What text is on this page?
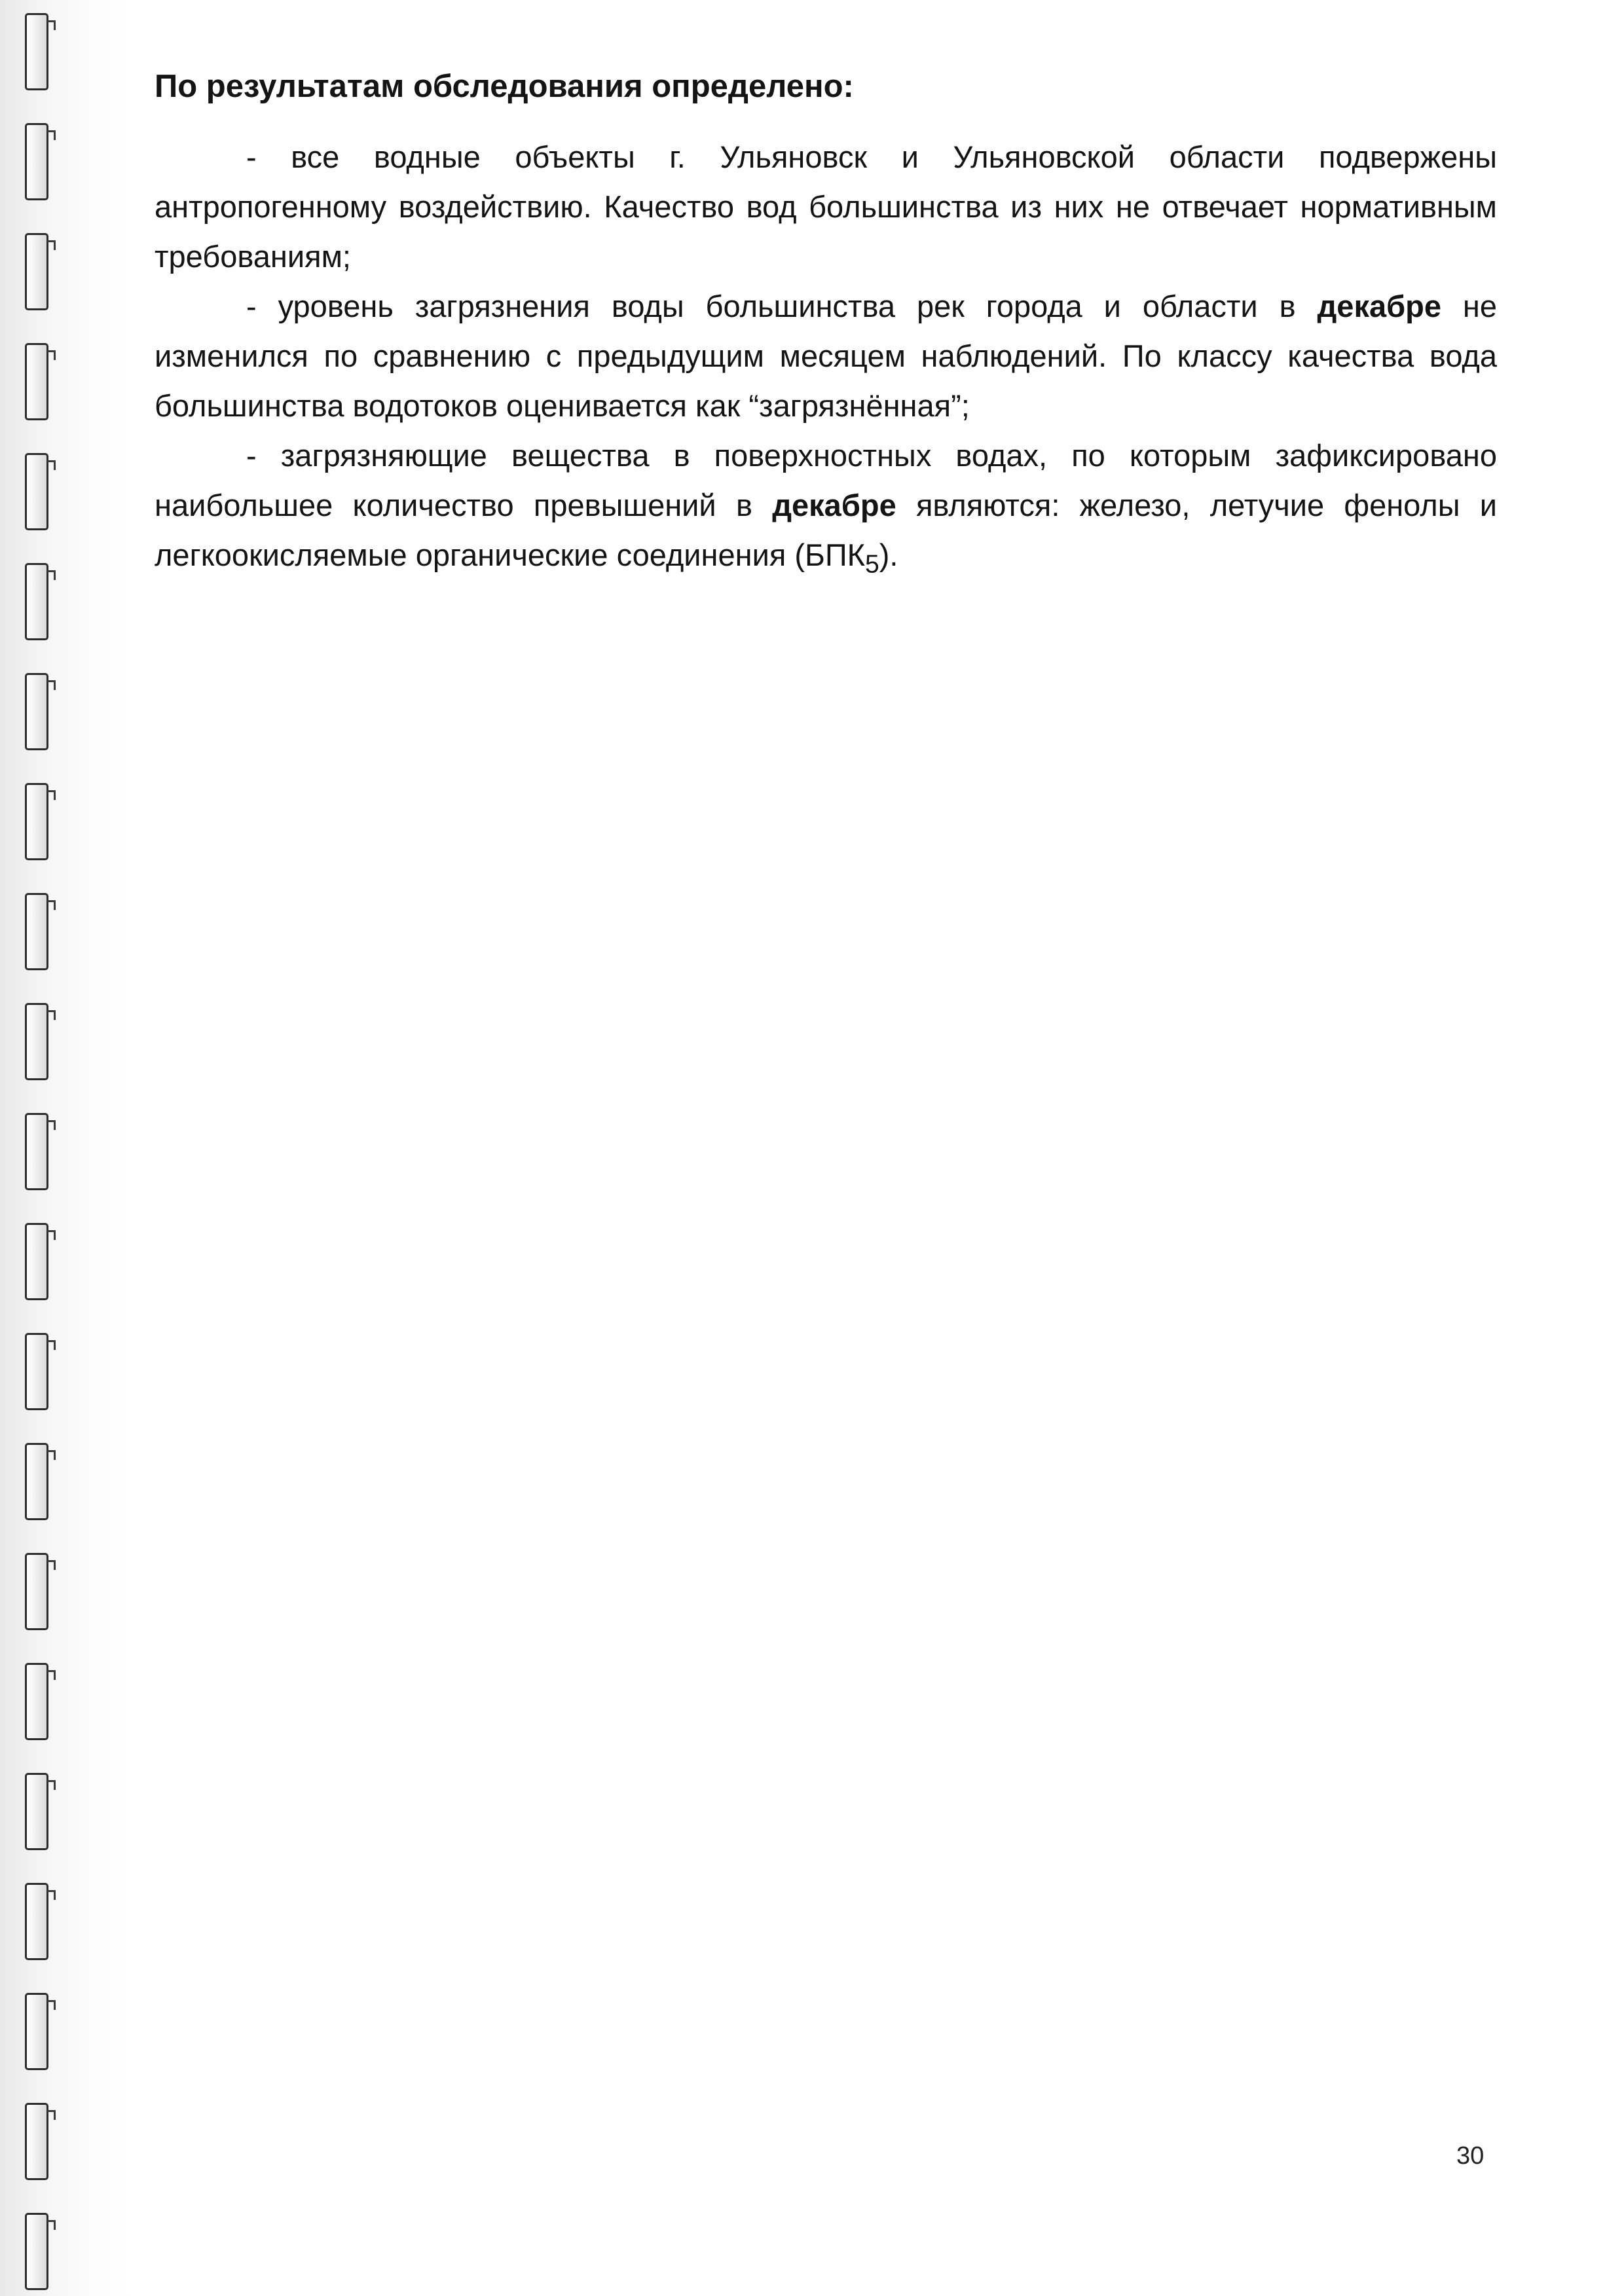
По результатам обследования определено:

- все водные объекты г. Ульяновск и Ульяновской области подвержены антропогенному воздействию. Качество вод большинства из них не отвечает нормативным требованиям;

- уровень загрязнения воды большинства рек города и области в декабре не изменился по сравнению с предыдущим месяцем наблюдений. По классу качества вода большинства водотоков оценивается как “загрязнённая”;

- загрязняющие вещества в поверхностных водах, по которым зафиксировано наибольшее количество превышений в декабре являются: железо, летучие фенолы и легкоокисляемые органические соединения $(БПК_5)$.

30
